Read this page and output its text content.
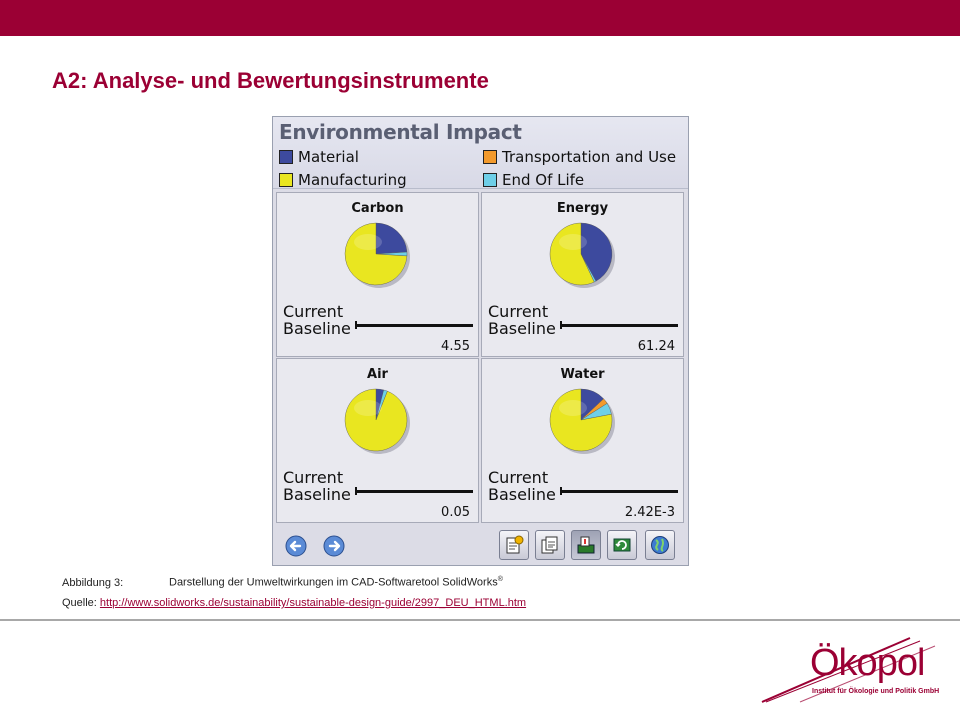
A2: Analyse- und Bewertungsinstrumente
Environmental Impact
Material
Manufacturing
Transportation and Use
End Of Life
Carbon
Current
Baseline
4.55
Energy
Current
Baseline
61.24
Air
Current
Baseline
0.05
Water
Current
Baseline
2.42E-3
Abbildung 3:	Darstellung der Umweltwirkungen im CAD-Softwaretool SolidWorks®
Quelle: http://www.solidworks.de/sustainability/sustainable-design-guide/2997_DEU_HTML.htm
Ökopol
Institut für Ökologie und Politik GmbH
